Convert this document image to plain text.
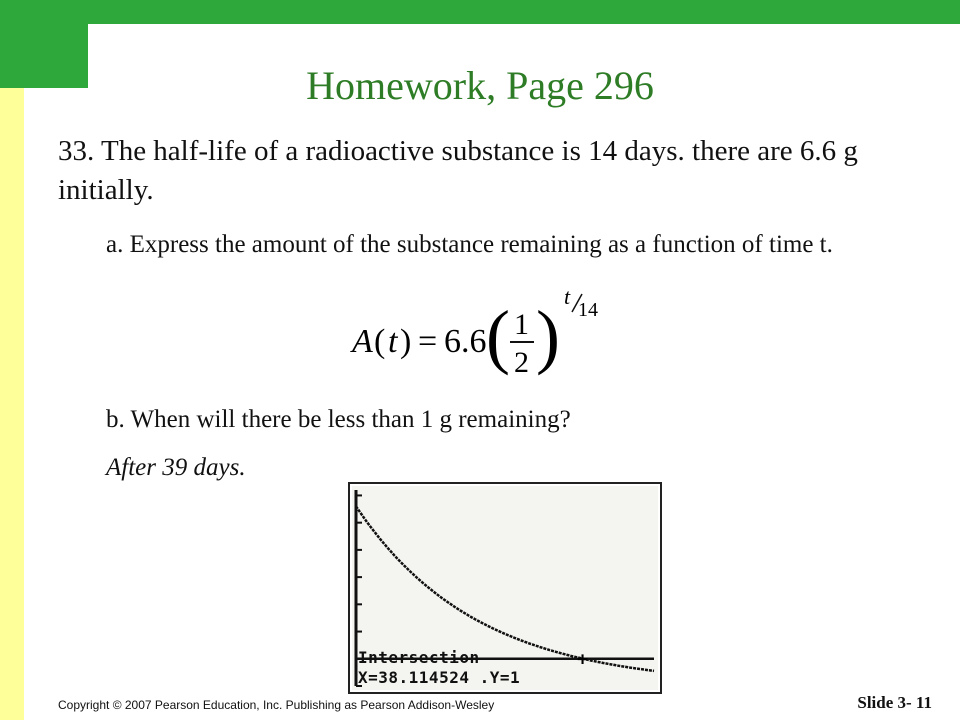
Homework, Page 296
33. The half-life of a radioactive substance is 14 days. there are 6.6 g initially.
a. Express the amount of the substance remaining as a function of time t.
A ( t ) = 6.6 ( 1
2 ) t
14
b. When will there be less than 1 g remaining?
After 39 days.
+
Intersection
X=38.114524 .Y=1
Copyright © 2007 Pearson Education, Inc. Publishing as Pearson Addison-Wesley	Slide 3- 11
